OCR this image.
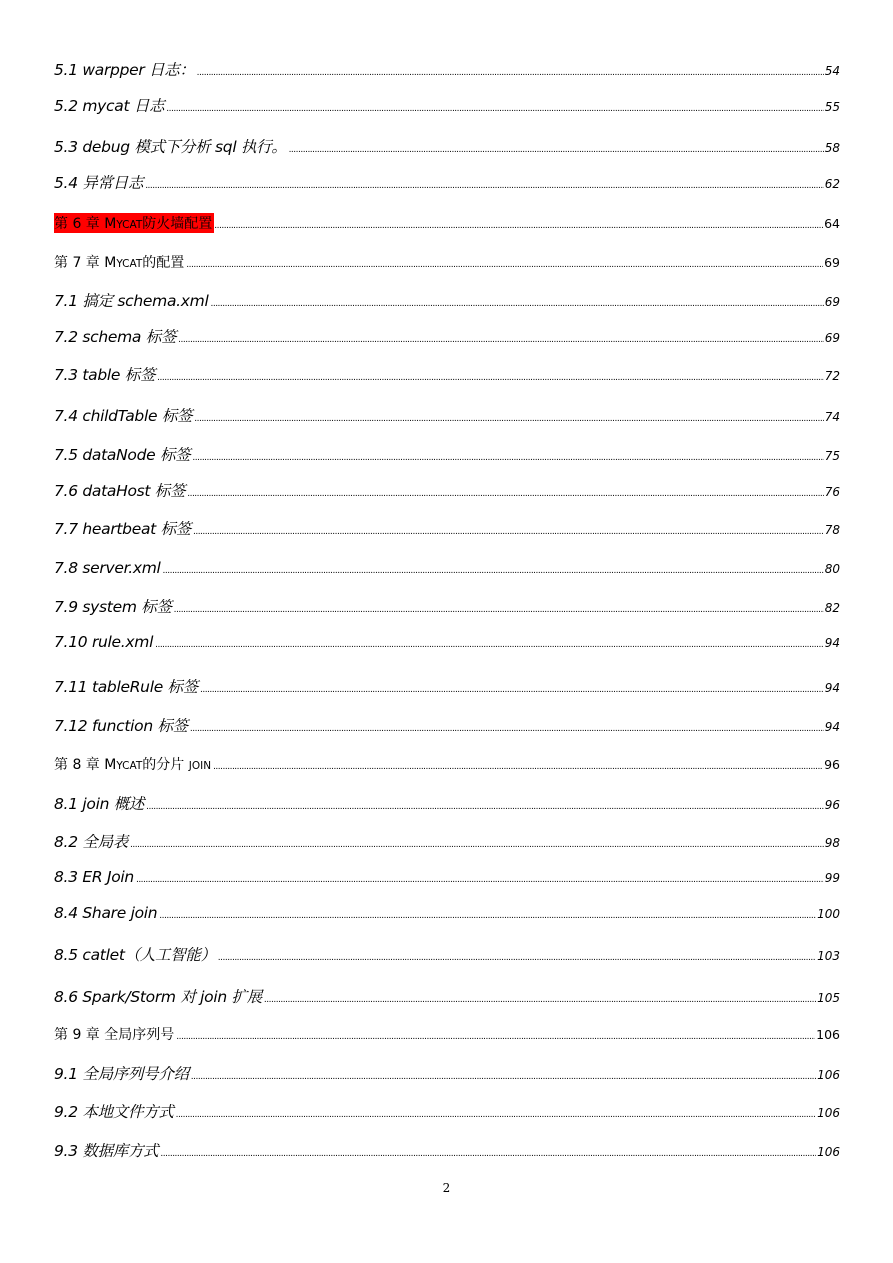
5.1 warpper 日志： .....	54
5.2 mycat 日志 .....	55
5.3 debug 模式下分析 sql 执行。 .....	58
5.4 异常日志 .....	62
第 6 章 MYCAT防火墙配置 .....	64
第 7 章 MYCAT的配置 .....	69
7.1 搞定 schema.xml .....	69
7.2 schema 标签 .....	69
7.3 table 标签 .....	72
7.4 childTable 标签 .....	74
7.5 dataNode 标签 .....	75
7.6 dataHost 标签 .....	76
7.7 heartbeat 标签 .....	78
7.8 server.xml .....	80
7.9 system 标签 .....	82
7.10 rule.xml .....	94
7.11 tableRule 标签 .....	94
7.12 function 标签 .....	94
第 8 章 MYCAT的分片 JOIN .....	96
8.1 join 概述 .....	96
8.2 全局表 .....	98
8.3 ER Join .....	99
8.4 Share join .....	100
8.5 catlet（人工智能） .....	103
8.6 Spark/Storm 对 join 扩展 .....	105
第 9 章 全局序列号 .....	106
9.1 全局序列号介绍 .....	106
9.2 本地文件方式 .....	106
9.3 数据库方式 .....	106
2
